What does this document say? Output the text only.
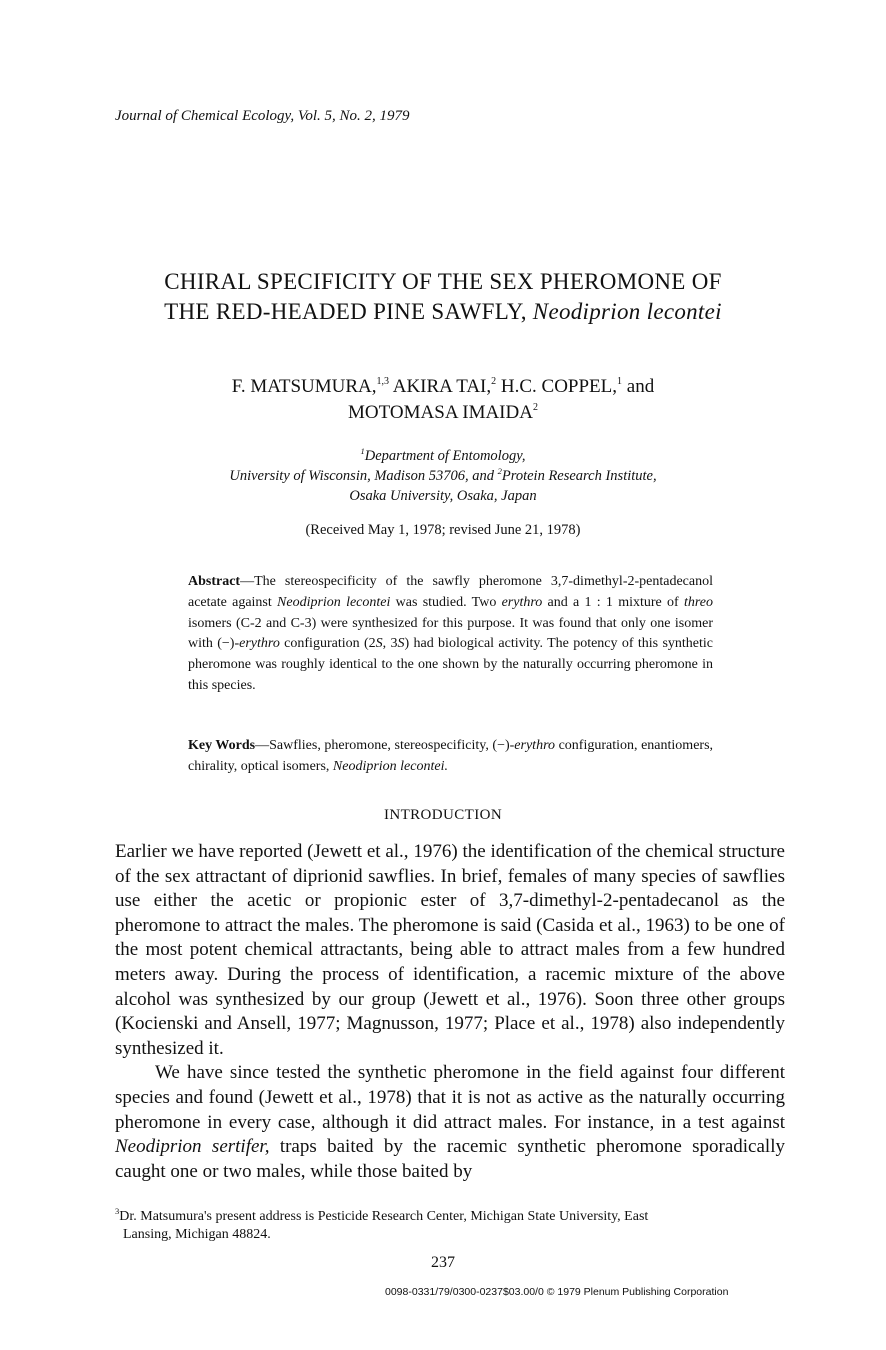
Journal of Chemical Ecology, Vol. 5, No. 2, 1979
CHIRAL SPECIFICITY OF THE SEX PHEROMONE OF
THE RED-HEADED PINE SAWFLY, Neodiprion lecontei
F. MATSUMURA,$^{1,3}$ AKIRA TAI,$^2$ H.C. COPPEL,$^1$ and
MOTOMASA IMAIDA$^2$
$^1$Department of Entomology,
University of Wisconsin, Madison 53706, and $^2$Protein Research Institute,
Osaka University, Osaka, Japan
(Received May 1, 1978; revised June 21, 1978)
Abstract—The stereospecificity of the sawfly pheromone 3,7-dimethyl-2-pentadecanol acetate against Neodiprion lecontei was studied. Two erythro and a 1 : 1 mixture of threo isomers (C-2 and C-3) were synthesized for this purpose. It was found that only one isomer with (−)-erythro configuration (2S, 3S) had biological activity. The potency of this synthetic pheromone was roughly identical to the one shown by the naturally occurring pheromone in this species.
Key Words—Sawflies, pheromone, stereospecificity, (−)-erythro configuration, enantiomers, chirality, optical isomers, Neodiprion lecontei.
INTRODUCTION

Earlier we have reported (Jewett et al., 1976) the identification of the chemical structure of the sex attractant of diprionid sawflies. In brief, females of many species of sawflies use either the acetic or propionic ester of 3,7-dimethyl-2-pentadecanol as the pheromone to attract the males. The pheromone is said (Casida et al., 1963) to be one of the most potent chemical attractants, being able to attract males from a few hundred meters away. During the process of identification, a racemic mixture of the above alcohol was synthesized by our group (Jewett et al., 1976). Soon three other groups (Kocienski and Ansell, 1977; Magnusson, 1977; Place et al., 1978) also independently synthesized it.

We have since tested the synthetic pheromone in the field against four different species and found (Jewett et al., 1978) that it is not as active as the naturally occurring pheromone in every case, although it did attract males. For instance, in a test against Neodiprion sertifer, traps baited by the racemic synthetic pheromone sporadically caught one or two males, while those baited by

$^3$Dr. Matsumura's present address is Pesticide Research Center, Michigan State University, East
Lansing, Michigan 48824.
237
0098-0331/79/0300-0237$03.00/0 © 1979 Plenum Publishing Corporation
